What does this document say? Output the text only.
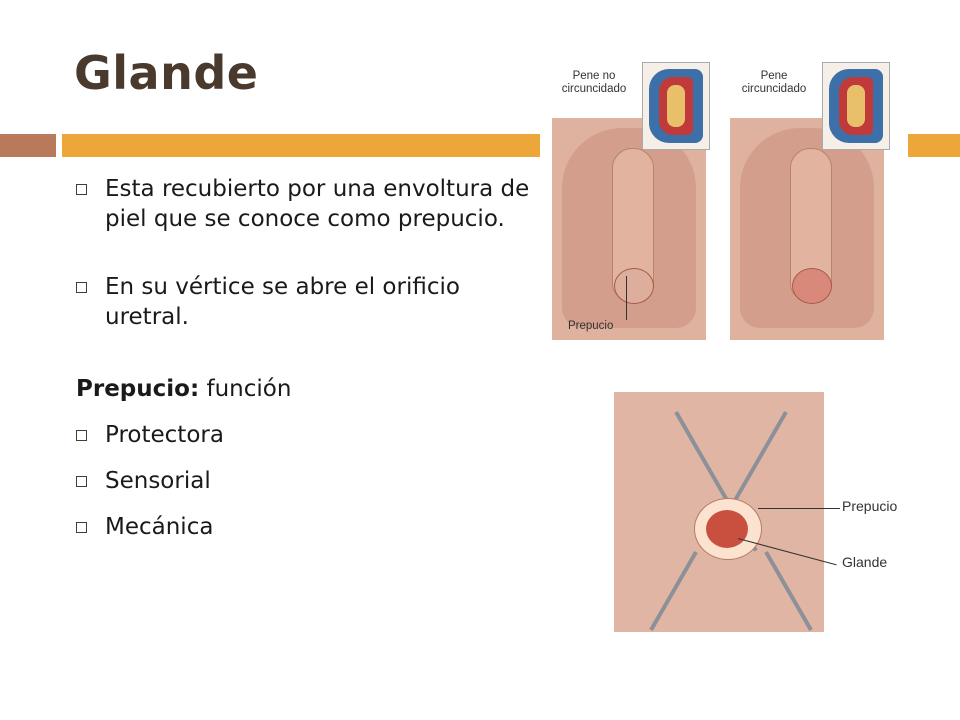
Glande
Esta recubierto por una envoltura de piel que se conoce como prepucio.
En su vértice se abre el orificio uretral.
Prepucio: función
Protectora
Sensorial
Mecánica
Pene no circuncidado
Pene circuncidado
Prepucio
Prepucio
Glande
